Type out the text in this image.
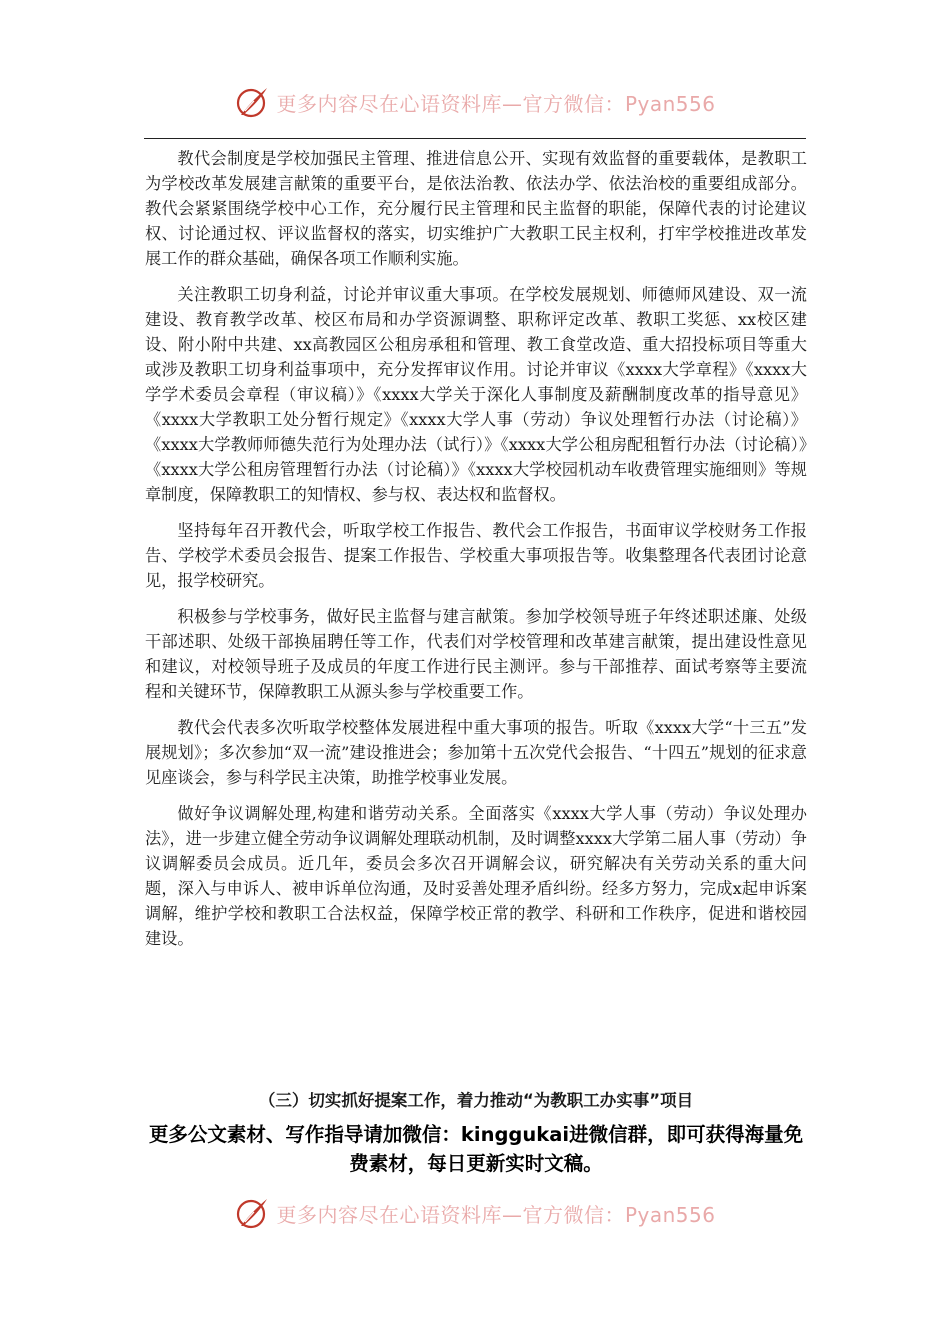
更多内容尽在心语资料库—官方微信：Pyan556

教代会制度是学校加强民主管理、推进信息公开、实现有效监督的重要载体，是教职工为学校改革发展建言献策的重要平台，是依法治教、依法办学、依法治校的重要组成部分。教代会紧紧围绕学校中心工作，充分履行民主管理和民主监督的职能，保障代表的讨论建议权、讨论通过权、评议监督权的落实，切实维护广大教职工民主权利，打牢学校推进改革发展工作的群众基础，确保各项工作顺利实施。

关注教职工切身利益，讨论并审议重大事项。在学校发展规划、师德师风建设、双一流建设、教育教学改革、校区布局和办学资源调整、职称评定改革、教职工奖惩、xx校区建设、附小附中共建、xx高教园区公租房承租和管理、教工食堂改造、重大招投标项目等重大或涉及教职工切身利益事项中，充分发挥审议作用。讨论并审议《xxxx大学章程》《xxxx大学学术委员会章程（审议稿）》《xxxx大学关于深化人事制度及薪酬制度改革的指导意见》《xxxx大学教职工处分暂行规定》《xxxx大学人事（劳动）争议处理暂行办法（讨论稿）》《xxxx大学教师师德失范行为处理办法（试行）》《xxxx大学公租房配租暂行办法（讨论稿）》《xxxx大学公租房管理暂行办法（讨论稿）》《xxxx大学校园机动车收费管理实施细则》等规章制度，保障教职工的知情权、参与权、表达权和监督权。

坚持每年召开教代会，听取学校工作报告、教代会工作报告，书面审议学校财务工作报告、学校学术委员会报告、提案工作报告、学校重大事项报告等。收集整理各代表团讨论意见，报学校研究。

积极参与学校事务，做好民主监督与建言献策。参加学校领导班子年终述职述廉、处级干部述职、处级干部换届聘任等工作，代表们对学校管理和改革建言献策，提出建设性意见和建议，对校领导班子及成员的年度工作进行民主测评。参与干部推荐、面试考察等主要流程和关键环节，保障教职工从源头参与学校重要工作。

教代会代表多次听取学校整体发展进程中重大事项的报告。听取《xxxx大学“十三五”发展规划》；多次参加“双一流”建设推进会；参加第十五次党代会报告、“十四五”规划的征求意见座谈会，参与科学民主决策，助推学校事业发展。

做好争议调解处理,构建和谐劳动关系。全面落实《xxxx大学人事（劳动）争议处理办法》，进一步建立健全劳动争议调解处理联动机制，及时调整xxxx大学第二届人事（劳动）争议调解委员会成员。近几年，委员会多次召开调解会议，研究解决有关劳动关系的重大问题，深入与申诉人、被申诉单位沟通，及时妥善处理矛盾纠纷。经多方努力，完成x起申诉案调解，维护学校和教职工合法权益，保障学校正常的教学、科研和工作秩序，促进和谐校园建设。

（三）切实抓好提案工作，着力推动“为教职工办实事”项目
更多公文素材、写作指导请加微信：kinggukai进微信群，即可获得海量免费素材，每日更新实时文稿。
更多内容尽在心语资料库—官方微信：Pyan556
